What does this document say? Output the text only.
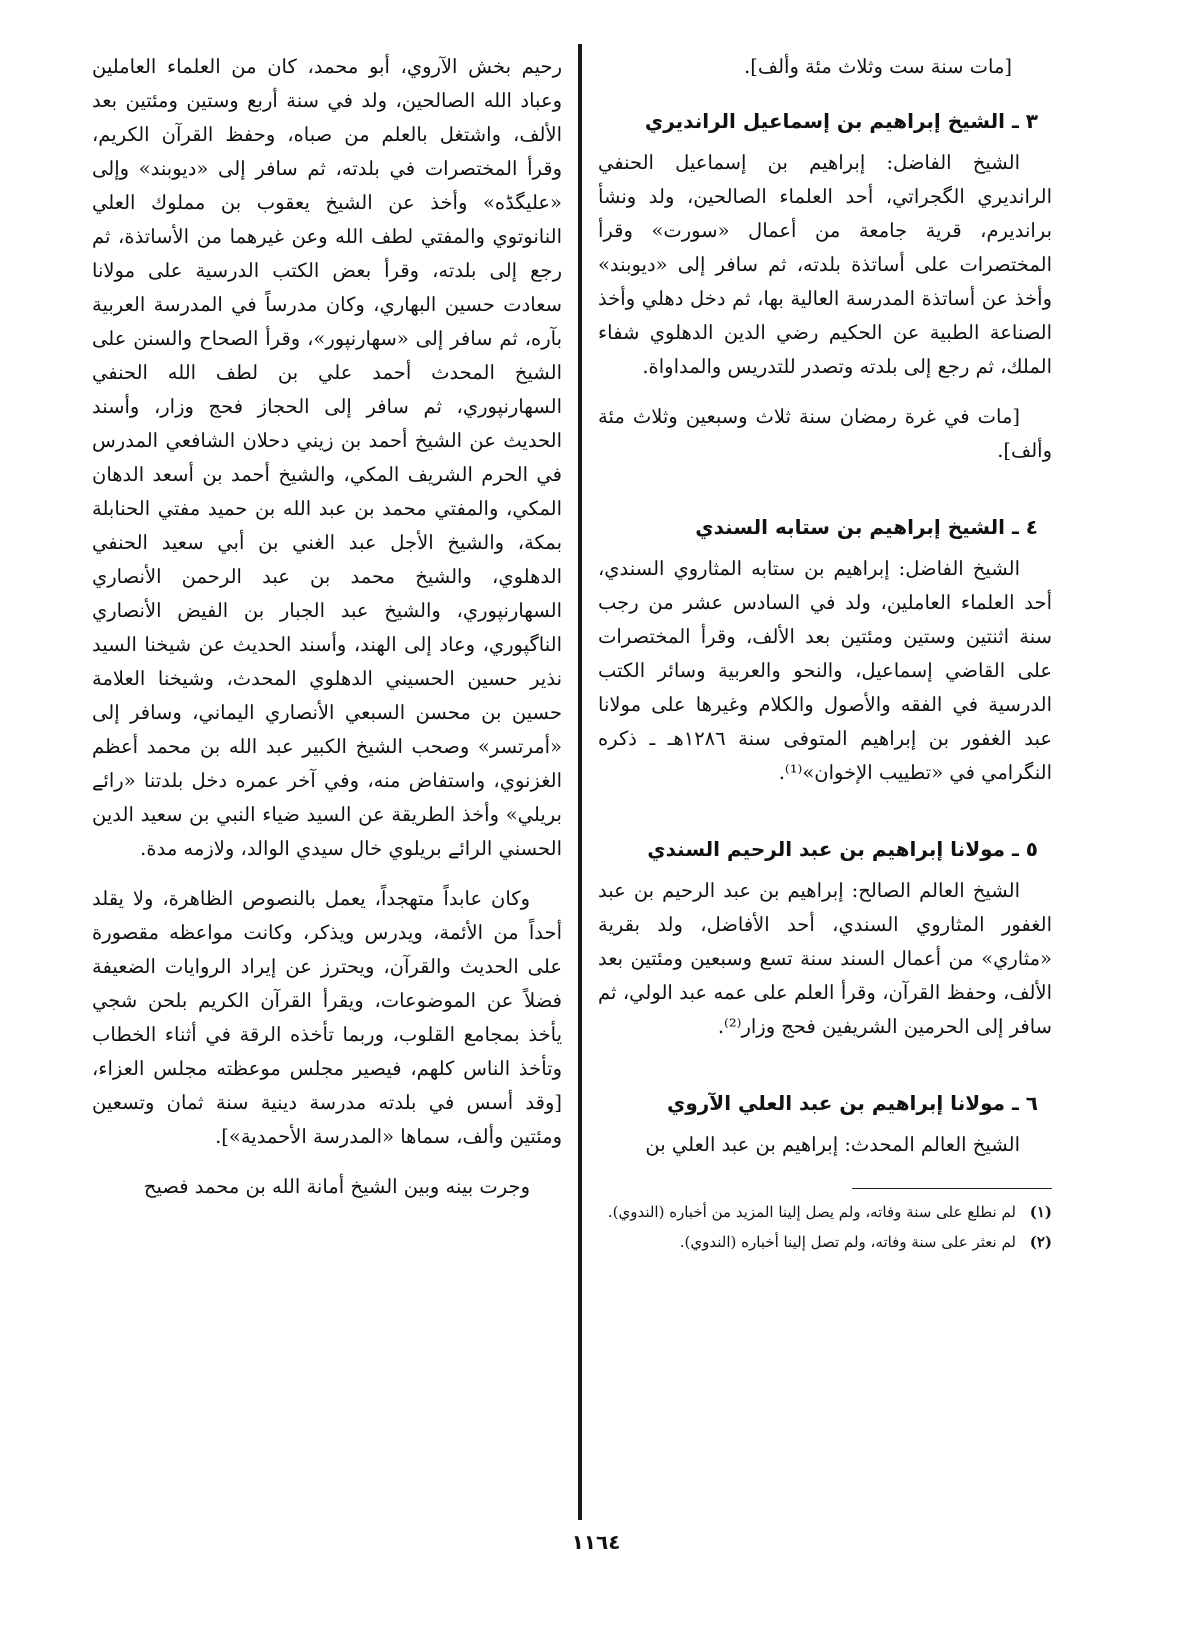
[مات سنة ست وثلاث مئة وألف].

٣ ـ الشيخ إبراهيم بن إسماعيل الرانديري

الشيخ الفاضل: إبراهيم بن إسماعيل الحنفي الرانديري الگجراتي، أحد العلماء الصالحين، ولد ونشأ برانديرم، قرية جامعة من أعمال «سورت» وقرأ المختصرات على أساتذة بلدته، ثم سافر إلى «ديوبند» وأخذ عن أساتذة المدرسة العالية بها، ثم دخل دهلي وأخذ الصناعة الطبية عن الحكيم رضي الدين الدهلوي شفاء الملك، ثم رجع إلى بلدته وتصدر للتدريس والمداواة.

[مات في غرة رمضان سنة ثلاث وسبعين وثلاث مئة وألف].

٤ ـ الشيخ إبراهيم بن ستابه السندي

الشيخ الفاضل: إبراهيم بن ستابه المثاروي السندي، أحد العلماء العاملين، ولد في السادس عشر من رجب سنة اثنتين وستين ومئتين بعد الألف، وقرأ المختصرات على القاضي إسماعيل، والنحو والعربية وسائر الكتب الدرسية في الفقه والأصول والكلام وغيرها على مولانا عبد الغفور بن إبراهيم المتوفى سنة ١٢٨٦هـ ـ ذكره النگرامي في «تطييب الإخوان»⁽¹⁾.

٥ ـ مولانا إبراهيم بن عبد الرحيم السندي

الشيخ العالم الصالح: إبراهيم بن عبد الرحيم بن عبد الغفور المثاروي السندي، أحد الأفاضل، ولد بقرية «مثاري» من أعمال السند سنة تسع وسبعين ومئتين بعد الألف، وحفظ القرآن، وقرأ العلم على عمه عبد الولي، ثم سافر إلى الحرمين الشريفين فحج وزار⁽²⁾.

٦ ـ مولانا إبراهيم بن عبد العلي الآروي

الشيخ العالم المحدث: إبراهيم بن عبد العلي بن

(١)
لم نطلع على سنة وفاته، ولم يصل إلينا المزيد من أخباره (الندوي).
(٢)
لم نعثر على سنة وفاته، ولم تصل إلينا أخباره (الندوي).

رحيم بخش الآروي، أبو محمد، كان من العلماء العاملين وعباد الله الصالحين، ولد في سنة أربع وستين ومئتين بعد الألف، واشتغل بالعلم من صباه، وحفظ القرآن الكريم، وقرأ المختصرات في بلدته، ثم سافر إلى «ديوبند» وإلى «عليگڈه» وأخذ عن الشيخ يعقوب بن مملوك العلي النانوتوي والمفتي لطف الله وعن غيرهما من الأساتذة، ثم رجع إلى بلدته، وقرأ بعض الكتب الدرسية على مولانا سعادت حسين البهاري، وكان مدرساً في المدرسة العربية بآره، ثم سافر إلى «سهارنپور»، وقرأ الصحاح والسنن على الشيخ المحدث أحمد علي بن لطف الله الحنفي السهارنپوري، ثم سافر إلى الحجاز فحج وزار، وأسند الحديث عن الشيخ أحمد بن زيني دحلان الشافعي المدرس في الحرم الشريف المكي، والشيخ أحمد بن أسعد الدهان المكي، والمفتي محمد بن عبد الله بن حميد مفتي الحنابلة بمكة، والشيخ الأجل عبد الغني بن أبي سعيد الحنفي الدهلوي، والشيخ محمد بن عبد الرحمن الأنصاري السهارنپوري، والشيخ عبد الجبار بن الفيض الأنصاري الناگپوري، وعاد إلى الهند، وأسند الحديث عن شيخنا السيد نذير حسين الحسيني الدهلوي المحدث، وشيخنا العلامة حسين بن محسن السبعي الأنصاري اليماني، وسافر إلى «أمرتسر» وصحب الشيخ الكبير عبد الله بن محمد أعظم الغزنوي، واستفاض منه، وفي آخر عمره دخل بلدتنا «رائے بريلي» وأخذ الطريقة عن السيد ضياء النبي بن سعيد الدين الحسني الرائے بريلوي خال سيدي الوالد، ولازمه مدة.

وكان عابداً متهجداً، يعمل بالنصوص الظاهرة، ولا يقلد أحداً من الأئمة، ويدرس ويذكر، وكانت مواعظه مقصورة على الحديث والقرآن، ويحترز عن إيراد الروايات الضعيفة فضلاً عن الموضوعات، ويقرأ القرآن الكريم بلحن شجي يأخذ بمجامع القلوب، وربما تأخذه الرقة في أثناء الخطاب وتأخذ الناس كلهم، فيصير مجلس موعظته مجلس العزاء، [وقد أسس في بلدته مدرسة دينية سنة ثمان وتسعين ومئتين وألف، سماها «المدرسة الأحمدية»].

وجرت بينه وبين الشيخ أمانة الله بن محمد فصيح

١١٦٤
